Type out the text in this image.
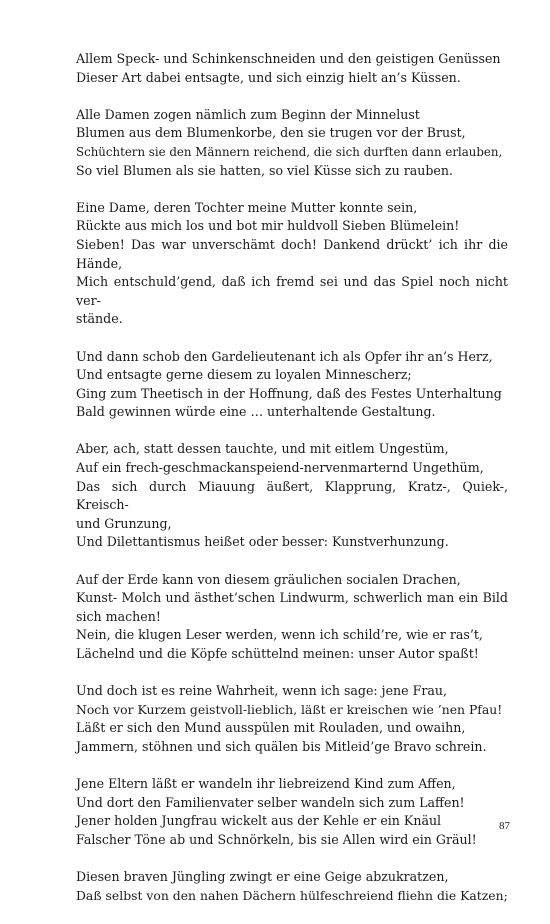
Allem Speck- und Schinkenschneiden und den geistigen Genüssen
Dieser Art dabei entsagte, und sich einzig hielt an’s Küssen.
Alle Damen zogen nämlich zum Beginn der Minnelust
Blumen aus dem Blumenkorbe, den sie trugen vor der Brust,
Schüchtern sie den Männern reichend, die sich durften dann erlauben,
So viel Blumen als sie hatten, so viel Küsse sich zu rauben.
Eine Dame, deren Tochter meine Mutter konnte sein,
Rückte aus mich los und bot mir huldvoll Sieben Blümelein!
Sieben! Das war unverschämt doch! Dankend drückt’ ich ihr die
Hände,
Mich entschuld’gend, daß ich fremd sei und das Spiel noch nicht ver-
stände.
Und dann schob den Gardelieutenant ich als Opfer ihr an’s Herz,
Und entsagte gerne diesem zu loyalen Minnescherz;
Ging zum Theetisch in der Hoffnung, daß des Festes Unterhaltung
Bald gewinnen würde eine … unterhaltende Gestaltung.
Aber, ach, statt dessen tauchte, und mit eitlem Ungestüm,
Auf ein frech-geschmackanspeiend-nervenmarternd Ungethüm,
Das sich durch Miauung äußert, Klapprung, Kratz-, Quiek-, Kreisch-
und Grunzung,
Und Dilettantismus heißet oder besser: Kunstverhunzung.
Auf der Erde kann von diesem gräulichen socialen Drachen,
Kunst- Molch und ästhet’schen Lindwurm, schwerlich man ein Bild
sich machen!
Nein, die klugen Leser werden, wenn ich schild’re, wie er ras’t,
Lächelnd und die Köpfe schüttelnd meinen: unser Autor spaßt!
Und doch ist es reine Wahrheit, wenn ich sage: jene Frau,
Noch vor Kurzem geistvoll-lieblich, läßt er kreischen wie ’nen Pfau!
Läßt er sich den Mund ausspülen mit Rouladen, und owaihn,
Jammern, stöhnen und sich quälen bis Mitleid’ge Bravo schrein.
Jene Eltern läßt er wandeln ihr liebreizend Kind zum Affen,
Und dort den Familienvater selber wandeln sich zum Laffen!
Jener holden Jungfrau wickelt aus der Kehle er ein Knäul
Falscher Töne ab und Schnörkeln, bis sie Allen wird ein Gräul!
Diesen braven Jüngling zwingt er eine Geige abzukratzen,
Daß selbst von den nahen Dächern hülfeschreiend fliehn die Katzen;
87
